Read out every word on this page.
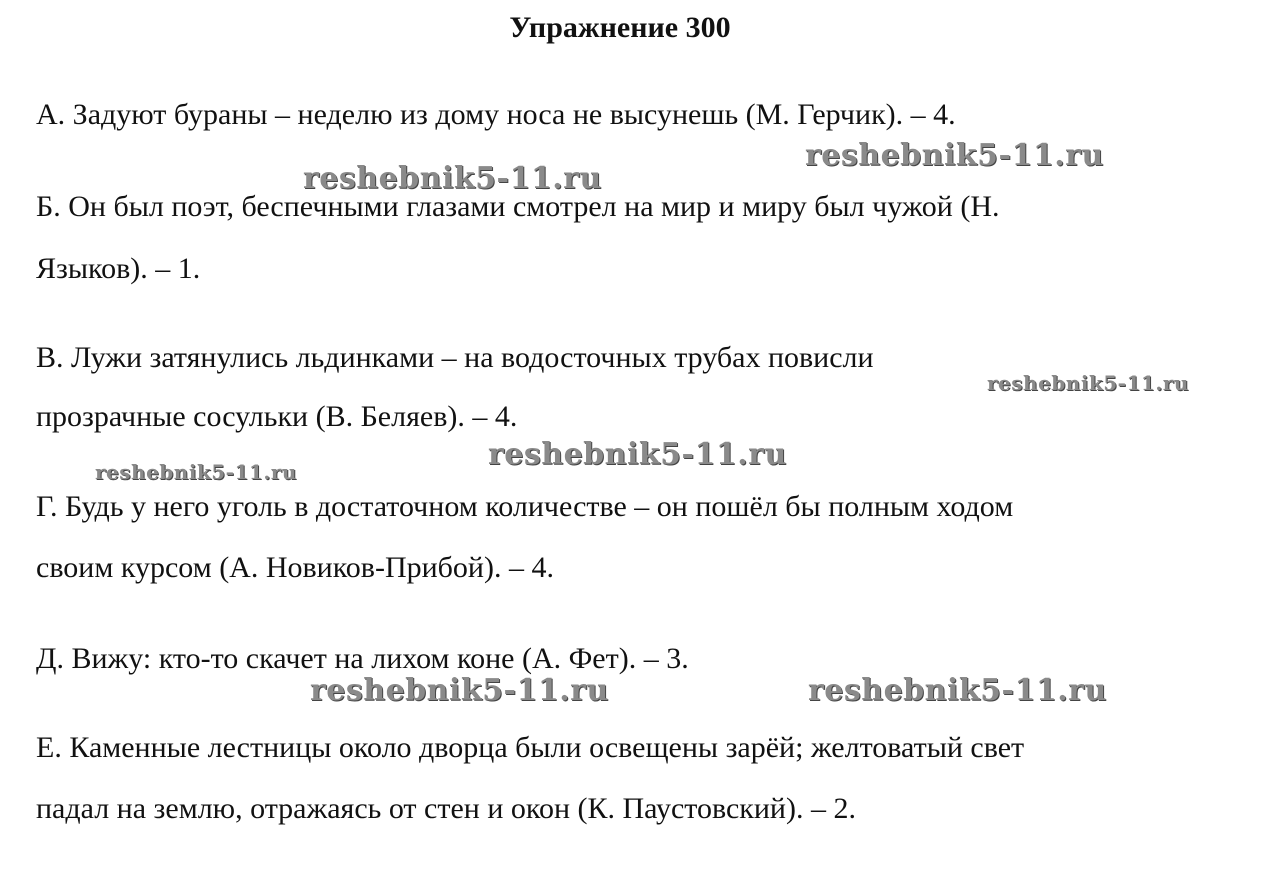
Упражнение 300
А. Задуют бураны – неделю из дому носа не высунешь (М. Герчик). – 4.
Б. Он был поэт, беспечными глазами смотрел на мир и миру был чужой (Н.
Языков). – 1.
В. Лужи затянулись льдинками – на водосточных трубах повисли
прозрачные сосульки (В. Беляев). – 4.
Г. Будь у него уголь в достаточном количестве – он пошёл бы полным ходом
своим курсом (А. Новиков-Прибой). – 4.
Д. Вижу: кто-то скачет на лихом коне (А. Фет). – 3.
Е. Каменные лестницы около дворца были освещены зарёй; желтоватый свет
падал на землю, отражаясь от стен и окон (К. Паустовский). – 2.
reshebnik5-11.ru
reshebnik5-11.ru
reshebnik5-11.ru
reshebnik5-11.ru
reshebnik5-11.ru
reshebnik5-11.ru	reshebnik5-11.ru
